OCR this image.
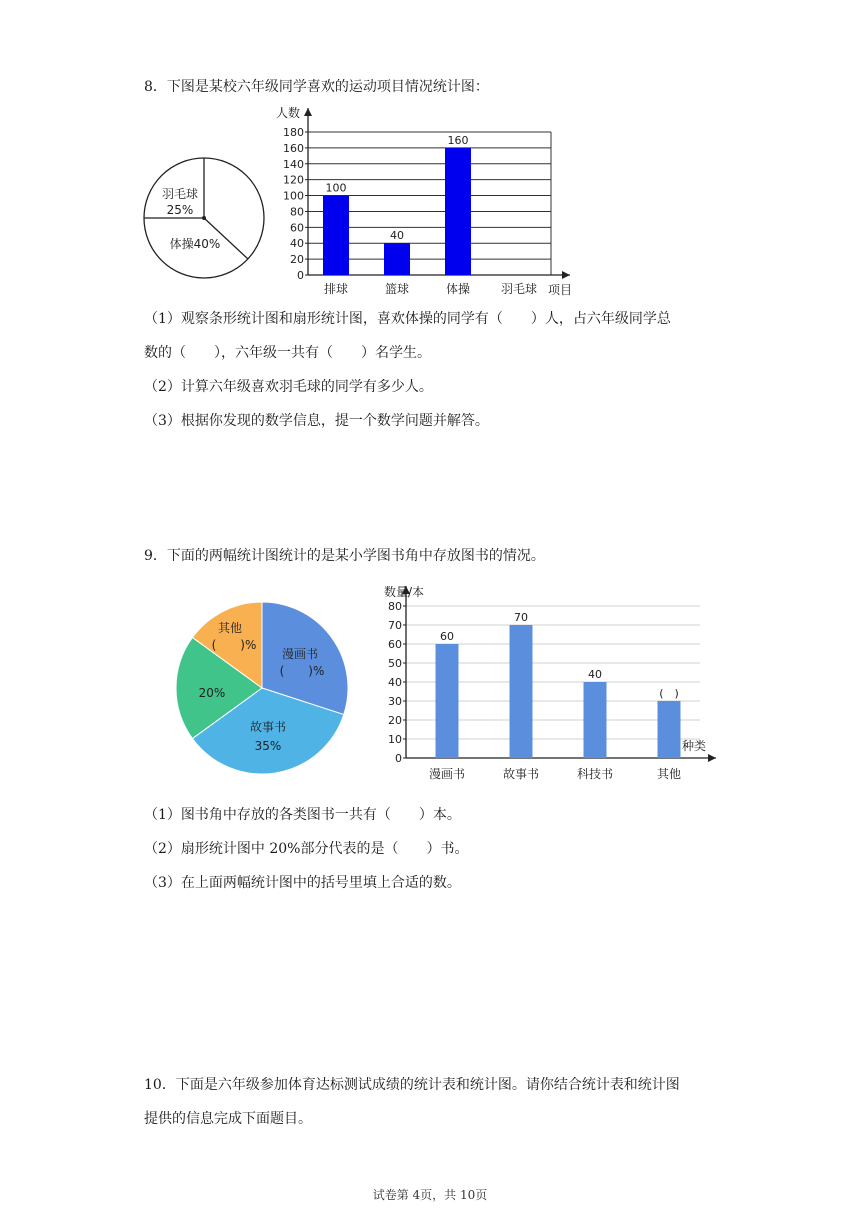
8．下图是某校六年级同学喜欢的运动项目情况统计图：
羽毛球
25%
体操40%
0
20
40
60
80
100
120
140
160
180
人数
项目
100
排球
40
篮球
160
体操	羽毛球
（1）观察条形统计图和扇形统计图，喜欢体操的同学有（　　）人，占六年级同学总
数的（　　），六年级一共有（　　）名学生。
（2）计算六年级喜欢羽毛球的同学有多少人。
（3）根据你发现的数学信息，提一个数学问题并解答。
9．下面的两幅统计图统计的是某小学图书角中存放图书的情况。
其他
(　　)%
漫画书
(　　)%
20%
故事书
35%
0
10
20
30
40
50
60
70
80
数量/本
种类
60
漫画书
70
故事书
40
科技书
(　)
其他
（1）图书角中存放的各类图书一共有（　　）本。
（2）扇形统计图中 20%部分代表的是（　　）书。
（3）在上面两幅统计图中的括号里填上合适的数。
10．下面是六年级参加体育达标测试成绩的统计表和统计图。请你结合统计表和统计图
提供的信息完成下面题目。
试卷第 4页，共 10页
